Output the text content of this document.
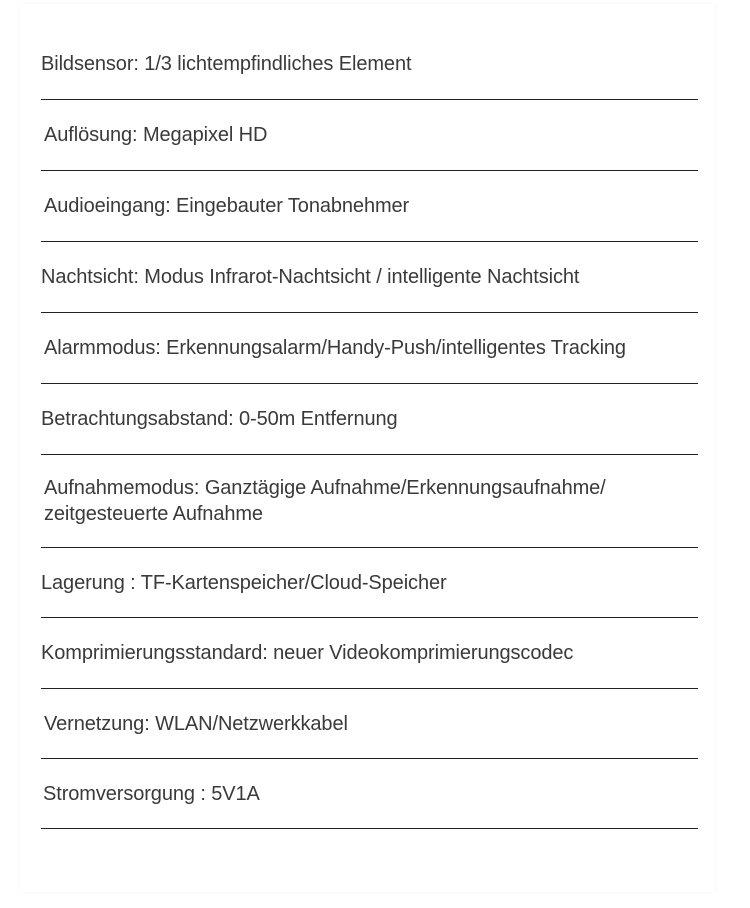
Bildsensor: 1/3 lichtempfindliches Element
Auflösung: Megapixel HD
Audioeingang: Eingebauter Tonabnehmer
Nachtsicht: Modus Infrarot-Nachtsicht / intelligente Nachtsicht
Alarmmodus: Erkennungsalarm/Handy-Push/intelligentes Tracking
Betrachtungsabstand: 0-50m Entfernung
Aufnahmemodus: Ganztägige Aufnahme/Erkennungsaufnahme/
zeitgesteuerte Aufnahme
Lagerung : TF-Kartenspeicher/Cloud-Speicher
Komprimierungsstandard: neuer Videokomprimierungscodec
Vernetzung: WLAN/Netzwerkkabel
Stromversorgung : 5V1A
